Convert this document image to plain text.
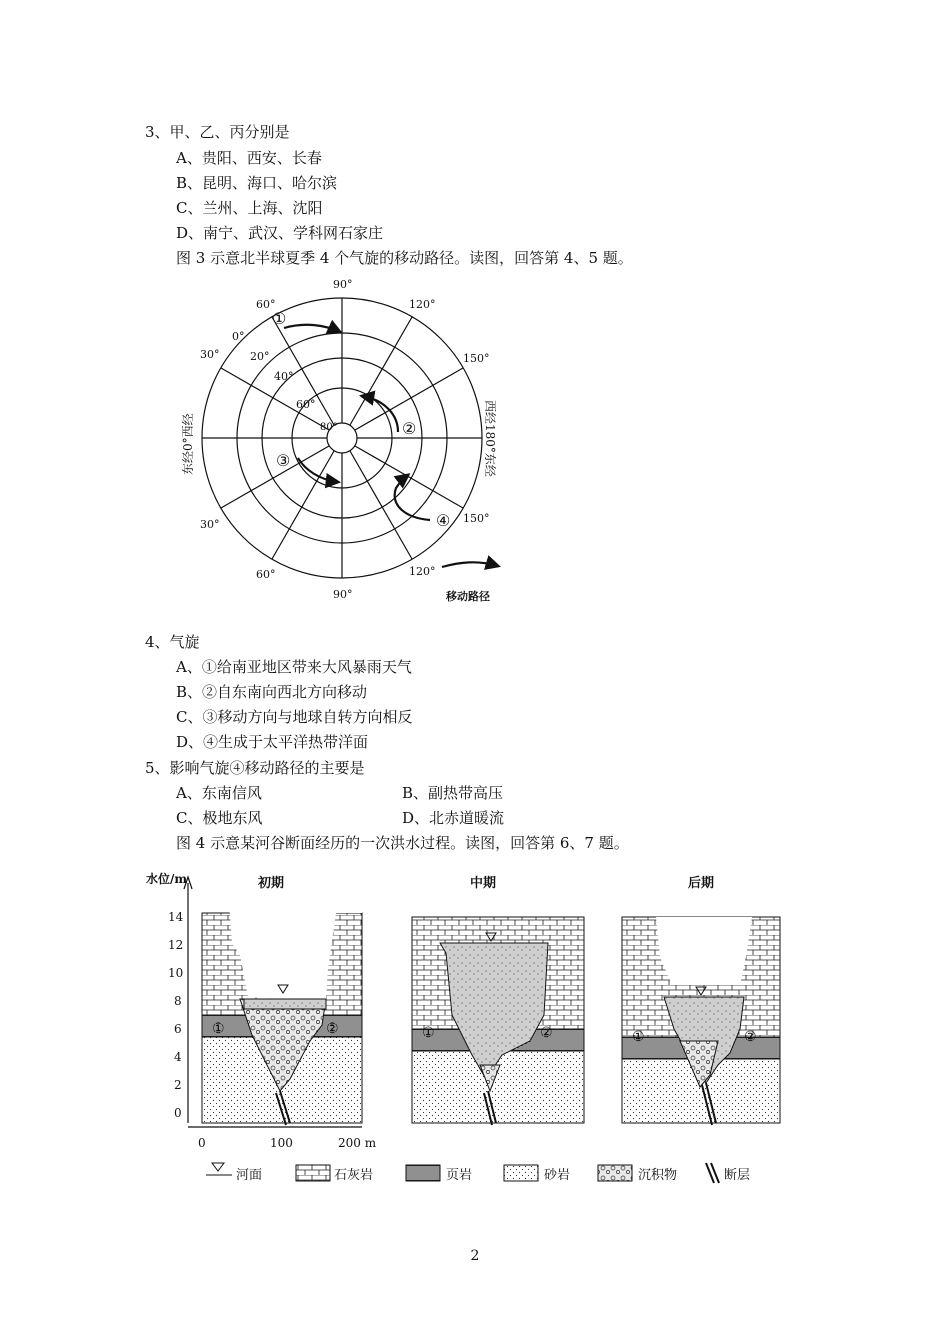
3、甲、乙、丙分别是
A、贵阳、西安、长春
B、昆明、海口、哈尔滨
C、兰州、上海、沈阳
D、南宁、武汉、学科网石家庄
图 3 示意北半球夏季 4 个气旋的移动路径。读图，回答第 4、5 题。
90°
120°
150°
150°
120°
90°
60°
30°
30°
60°
0°
20°
40°
60°
80°
东经0°西经	西经180°东经
①
②
③
④
移动路径
4、气旋
A、①给南亚地区带来大风暴雨天气
B、②自东南向西北方向移动
C、③移动方向与地球自转方向相反
D、④生成于太平洋热带洋面
5、影响气旋④移动路径的主要是
A、东南信风	B、副热带高压
C、极地东风	D、北赤道暖流
图 4 示意某河谷断面经历的一次洪水过程。读图，回答第 6、7 题。
水位/m
14
12
10
8
6
4
2
0
0	100	200 m
初期
①	②
中期
①	②
后期
①	②
河面	石灰岩	页岩	砂岩	沉积物	断层
2
